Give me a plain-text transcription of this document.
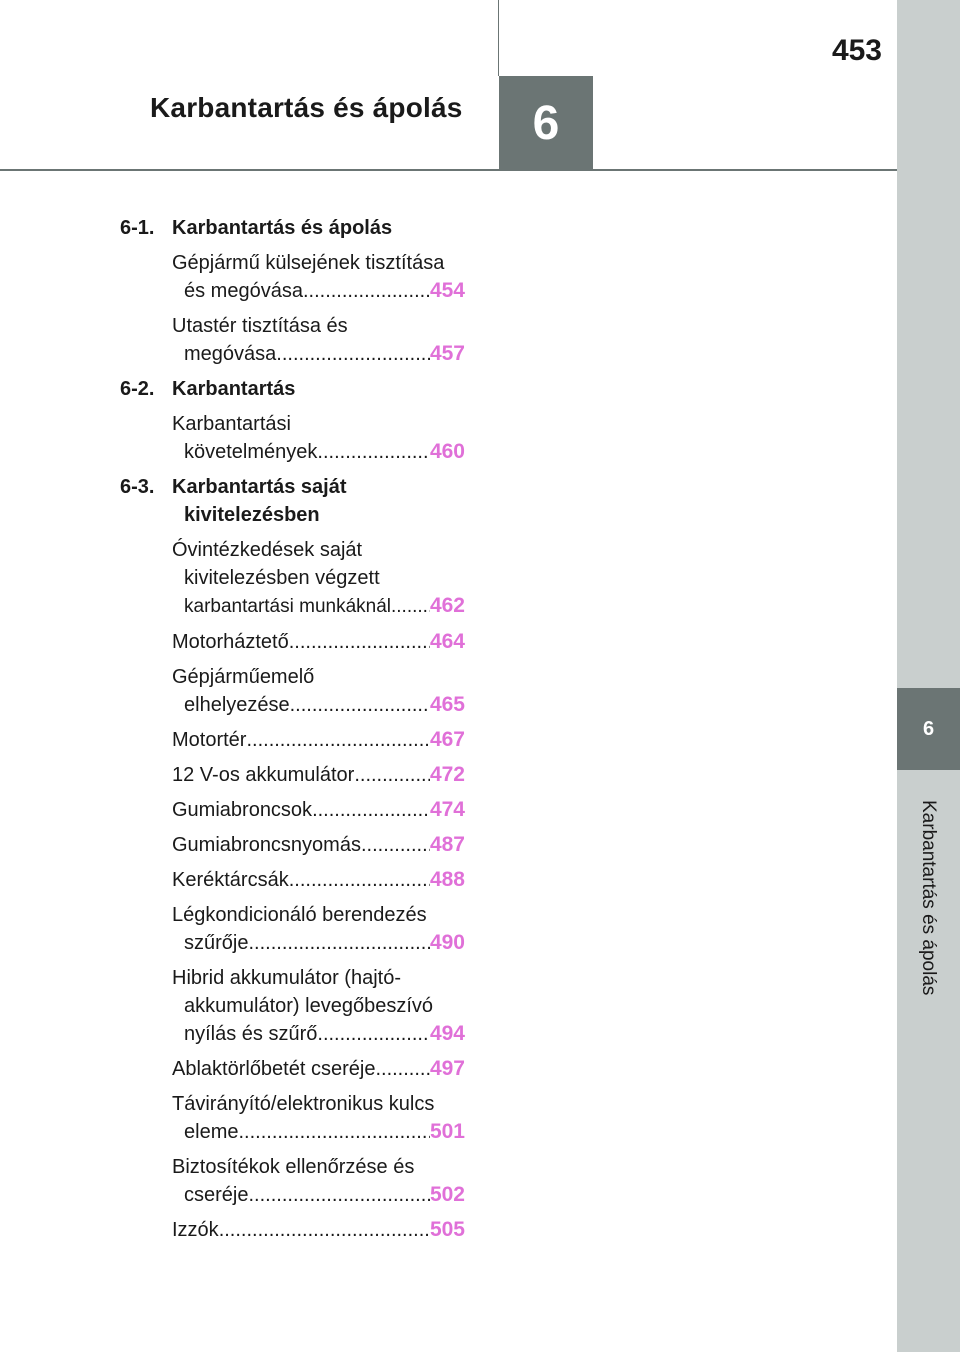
6
Karbantartás és ápolás
6
Karbantartás és ápolás
453
6-1. Karbantartás és ápolás
Gépjármű külsejének tisztítása
és megóvása .....	454
Utastér tisztítása és
megóvása .....	457
6-2. Karbantartás
Karbantartási
követelmények .....	460
6-3. Karbantartás saját
kivitelezésben
Óvintézkedések saját
kivitelezésben végzett
karbantartási munkáknál ..... 462
Motorháztető .....	464
Gépjárműemelő
elhelyezése .....	465
Motortér .....	467
12 V-os akkumulátor .....	472
Gumiabroncsok .....	474
Gumiabroncsnyomás .....	487
Keréktárcsák .....	488
Légkondicionáló berendezés
szűrője .....	490
Hibrid akkumulátor (hajtó-
akkumulátor) levegőbeszívó
nyílás és szűrő .....	494
Ablaktörlőbetét cseréje .....	497
Távirányító/elektronikus kulcs
eleme .....	501
Biztosítékok ellenőrzése és
cseréje .....	502
Izzók .....	505
